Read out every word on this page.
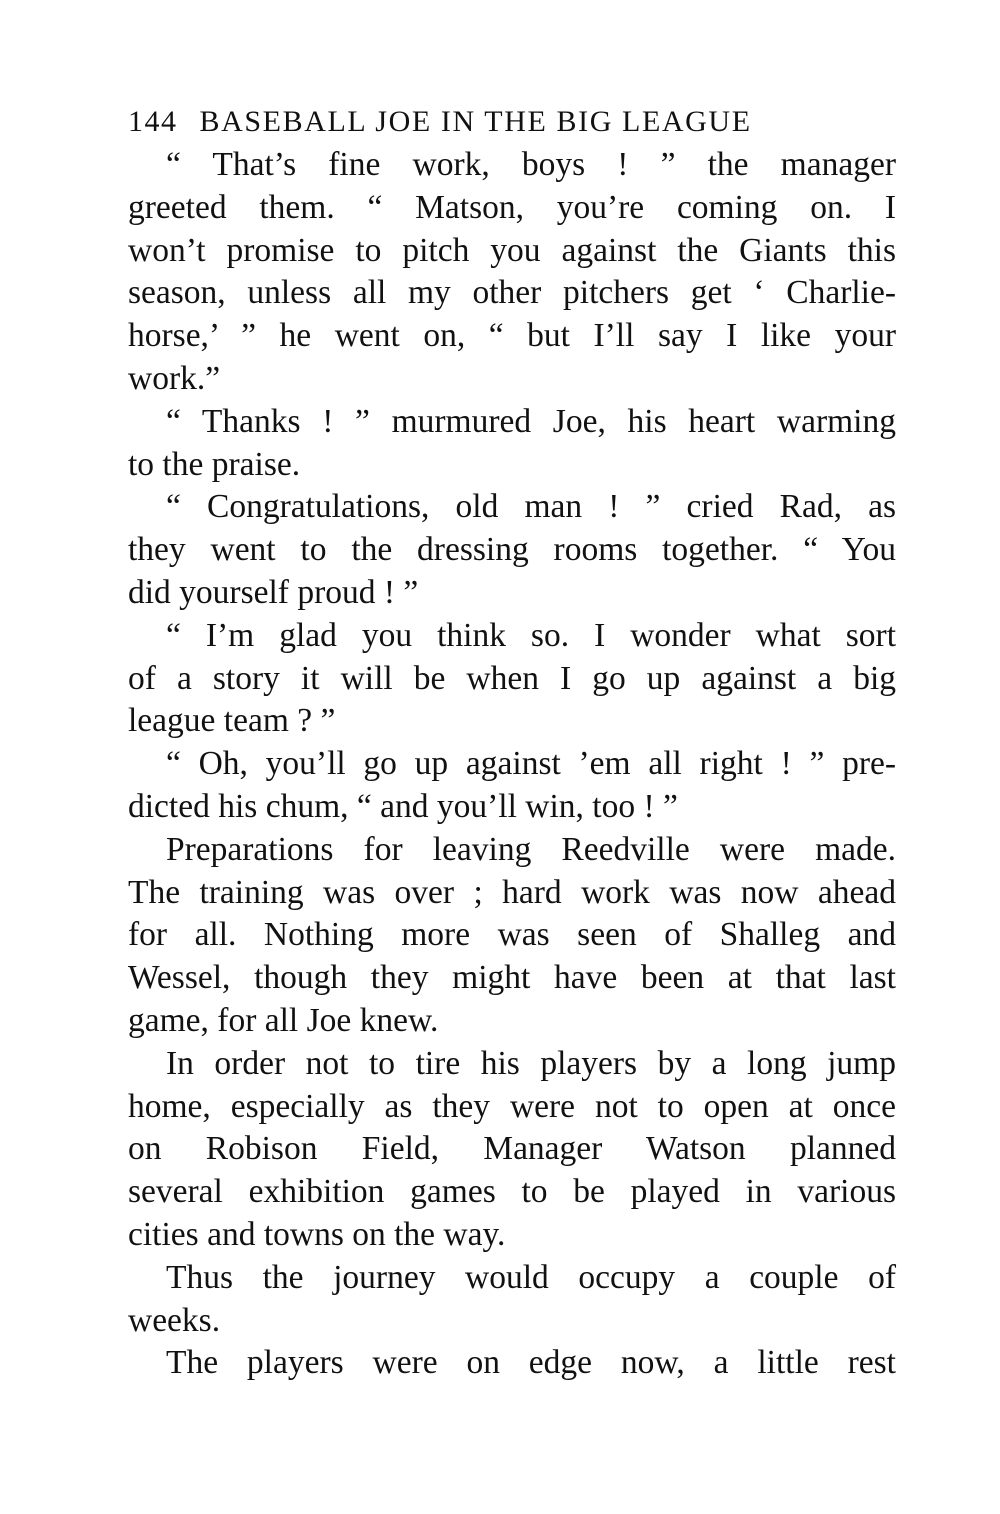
144 BASEBALL JOE IN THE BIG LEAGUE
“ That’s fine work, boys ! ” the manager
greeted them. “ Matson, you’re coming on. I
won’t promise to pitch you against the Giants this
season, unless all my other pitchers get ‘ Charlie-
horse,’ ” he went on, “ but I’ll say I like your
work.”
“ Thanks ! ” murmured Joe, his heart warming
to the praise.
“ Congratulations, old man ! ” cried Rad, as
they went to the dressing rooms together. “ You
did yourself proud ! ”
“ I’m glad you think so. I wonder what sort
of a story it will be when I go up against a big
league team ? ”
“ Oh, you’ll go up against ’em all right ! ” pre-
dicted his chum, “ and you’ll win, too ! ”
Preparations for leaving Reedville were made.
The training was over ; hard work was now ahead
for all. Nothing more was seen of Shalleg and
Wessel, though they might have been at that last
game, for all Joe knew.
In order not to tire his players by a long jump
home, especially as they were not to open at once
on Robison Field, Manager Watson planned
several exhibition games to be played in various
cities and towns on the way.
Thus the journey would occupy a couple of
weeks.
The players were on edge now, a little rest
